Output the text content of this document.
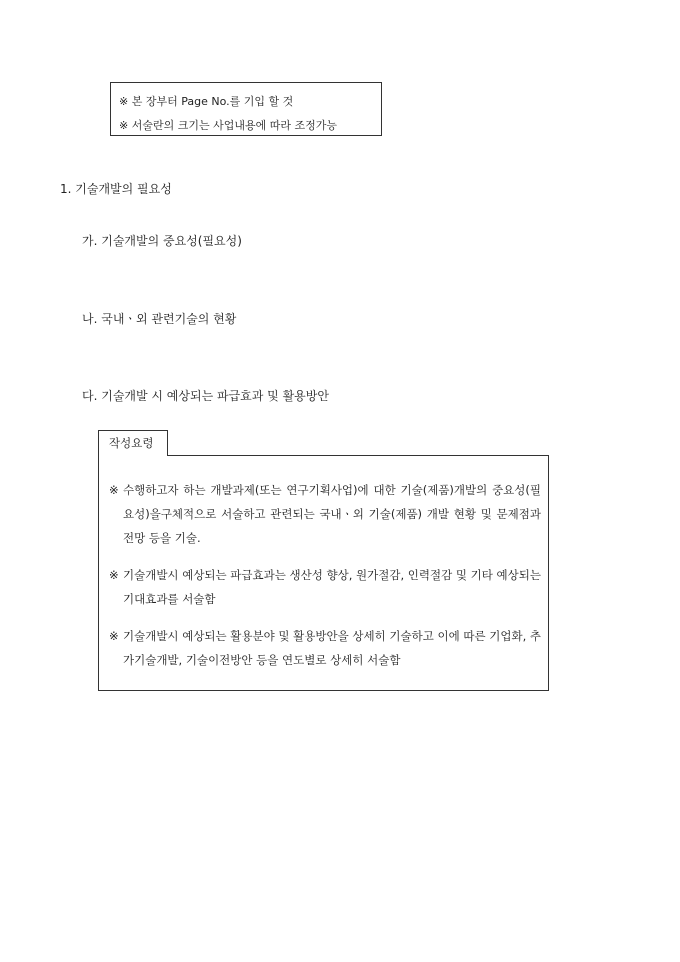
※ 본 장부터 Page No.를 기입 할 것
※ 서술란의 크기는 사업내용에 따라 조정가능
1. 기술개발의 필요성
가. 기술개발의 중요성(필요성)
나. 국내ㆍ외 관련기술의 현황
다. 기술개발 시 예상되는 파급효과 및 활용방안
작성요령
※ 수행하고자 하는 개발과제(또는 연구기획사업)에 대한 기술(제품)개발의 중요성(필요성)을구체적으로 서술하고 관련되는 국내ㆍ외 기술(제품) 개발 현황 및 문제점과 전망 등을 기술.
※ 기술개발시 예상되는 파급효과는 생산성 향상, 원가절감, 인력절감 및 기타 예상되는 기대효과를 서술함
※ 기술개발시 예상되는 활용분야 및 활용방안을 상세히 기술하고 이에 따른 기업화, 추가기술개발, 기술이전방안 등을 연도별로 상세히 서술함
